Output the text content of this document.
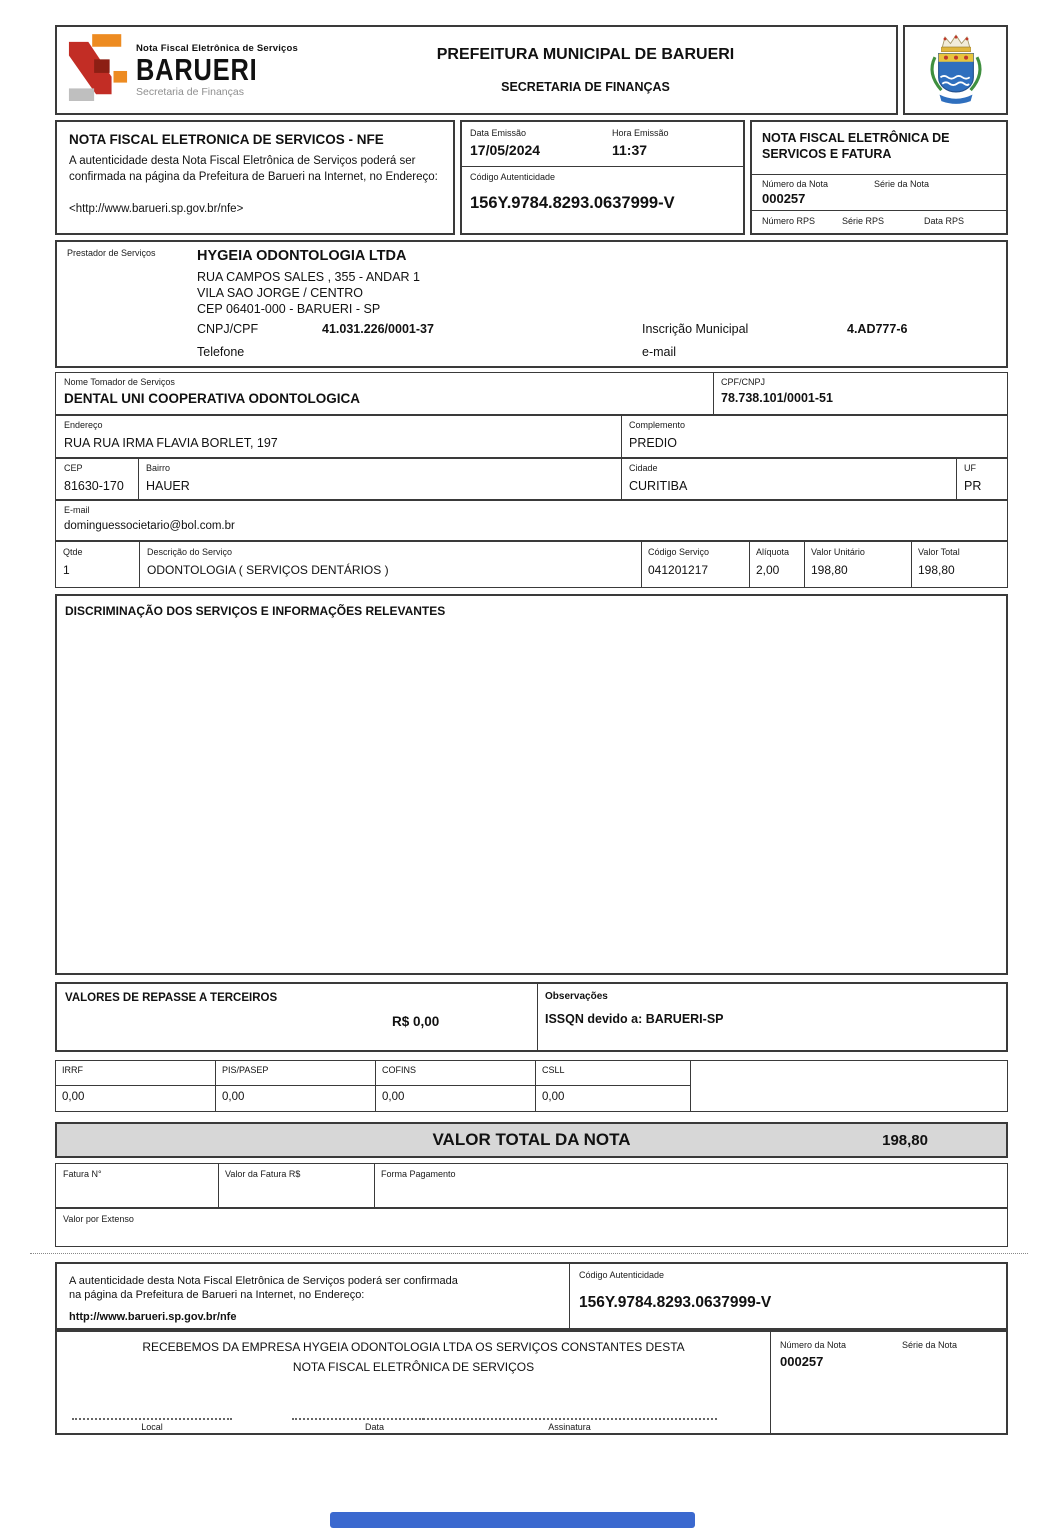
Nota Fiscal Eletrônica de Serviços
BARUERI
Secretaria de Finanças
PREFEITURA MUNICIPAL DE BARUERI
SECRETARIA DE FINANÇAS
NOTA FISCAL ELETRONICA DE SERVICOS - NFE
A autenticidade desta Nota Fiscal Eletrônica de Serviços poderá ser confirmada na página da Prefeitura de Barueri na Internet, no Endereço:
<http://www.barueri.sp.gov.br/nfe>
Data Emissão
17/05/2024
Hora Emissão
11:37
Código Autenticidade
156Y.9784.8293.0637999-V
NOTA FISCAL ELETRÔNICA DE SERVICOS E FATURA
Número da Nota	Série da Nota
000257
Número RPS	Série RPS	Data RPS
Prestador de Serviços	HYGEIA ODONTOLOGIA LTDA
RUA CAMPOS SALES , 355 - ANDAR 1
VILA SAO JORGE / CENTRO
CEP 06401-000 - BARUERI - SP
CNPJ/CPF	41.031.226/0001-37	Inscrição Municipal	4.AD777-6
Telefone	e-mail
Nome Tomador de Serviços
DENTAL UNI COOPERATIVA ODONTOLOGICA
CPF/CNPJ
78.738.101/0001-51
Endereço
RUA RUA IRMA FLAVIA BORLET, 197
Complemento
PREDIO
CEP
81630-170
Bairro
HAUER
Cidade
CURITIBA
UF
PR
E-mail
dominguessocietario@bol.com.br
Qtde
1
Descrição do Serviço
ODONTOLOGIA ( SERVIÇOS DENTÁRIOS )
Código Serviço
041201217
Alíquota
2,00
Valor Unitário
198,80
Valor Total
198,80
DISCRIMINAÇÃO DOS SERVIÇOS E INFORMAÇÕES RELEVANTES
VALORES DE REPASSE A TERCEIROS
R$ 0,00
Observações
ISSQN devido a: BARUERI-SP
IRRF
0,00
PIS/PASEP
0,00
COFINS
0,00
CSLL
0,00
VALOR TOTAL DA NOTA	198,80
Fatura N°	Valor da Fatura R$	Forma Pagamento
Valor por Extenso
A autenticidade desta Nota Fiscal Eletrônica de Serviços poderá ser confirmada
na página da Prefeitura de Barueri na Internet, no Endereço:
http://www.barueri.sp.gov.br/nfe
Código Autenticidade
156Y.9784.8293.0637999-V
RECEBEMOS DA EMPRESA HYGEIA ODONTOLOGIA LTDA OS SERVIÇOS CONSTANTES DESTA
NOTA FISCAL ELETRÔNICA DE SERVIÇOS
Local	Data	Assinatura
Número da Nota	Série da Nota
000257
